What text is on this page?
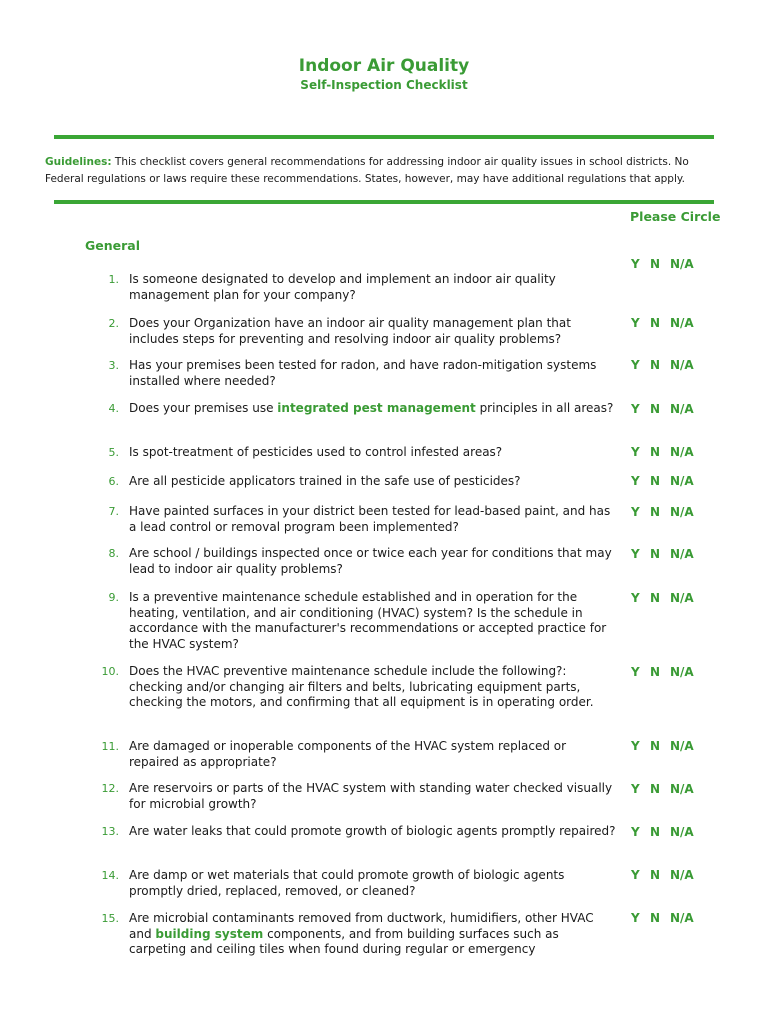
Indoor Air Quality
Self-Inspection Checklist
Guidelines: This checklist covers general recommendations for addressing indoor air quality issues in school districts. No Federal regulations or laws require these recommendations. States, however, may have additional regulations that apply.
Please Circle
General
1. Is someone designated to develop and implement an indoor air quality management plan for your company?
2. Does your Organization have an indoor air quality management plan that includes steps for preventing and resolving indoor air quality problems?
3. Has your premises been tested for radon, and have radon-mitigation systems installed where needed?
4. Does your premises use integrated pest management principles in all areas?
5. Is spot-treatment of pesticides used to control infested areas?
6. Are all pesticide applicators trained in the safe use of pesticides?
7. Have painted surfaces in your district been tested for lead-based paint, and has a lead control or removal program been implemented?
8. Are school / buildings inspected once or twice each year for conditions that may lead to indoor air quality problems?
9. Is a preventive maintenance schedule established and in operation for the heating, ventilation, and air conditioning (HVAC) system? Is the schedule in accordance with the manufacturer's recommendations or accepted practice for the HVAC system?
10. Does the HVAC preventive maintenance schedule include the following?: checking and/or changing air filters and belts, lubricating equipment parts, checking the motors, and confirming that all equipment is in operating order.
11. Are damaged or inoperable components of the HVAC system replaced or repaired as appropriate?
12. Are reservoirs or parts of the HVAC system with standing water checked visually for microbial growth?
13. Are water leaks that could promote growth of biologic agents promptly repaired?
14. Are damp or wet materials that could promote growth of biologic agents promptly dried, replaced, removed, or cleaned?
15. Are microbial contaminants removed from ductwork, humidifiers, other HVAC and building system components, and from building surfaces such as carpeting and ceiling tiles when found during regular or emergency
Y N N/A
Y N N/A
Y N N/A
Y N N/A
Y N N/A
Y N N/A
Y N N/A
Y N N/A
Y N N/A
Y N N/A
Y N N/A
Y N N/A
Y N N/A
Y N N/A
Y N N/A
